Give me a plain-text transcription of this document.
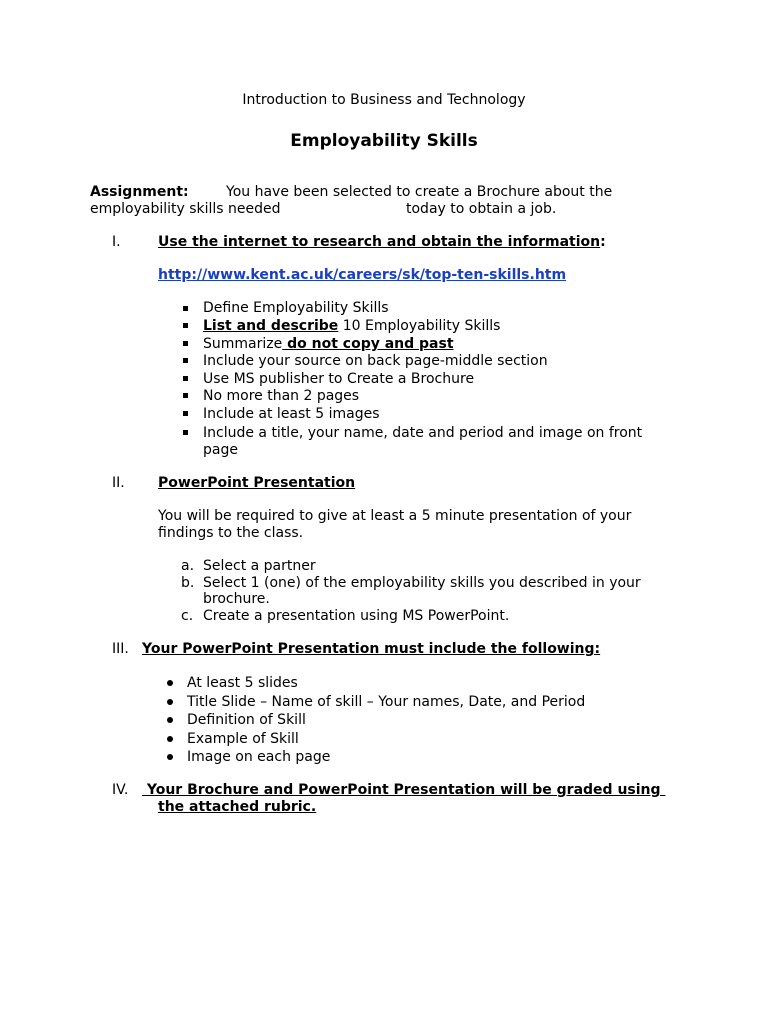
Introduction to Business and Technology
Employability Skills
Assignment:	You have been selected to create a Brochure about the
employability skills needed	today to obtain a job.
I.	Use the internet to research and obtain the information:
http://www.kent.ac.uk/careers/sk/top-ten-skills.htm
Define Employability Skills
List and describe 10 Employability Skills
Summarize do not copy and past
Include your source on back page-middle section
Use MS publisher to Create a Brochure
No more than 2 pages
Include at least 5 images
Include a title, your name, date and period and image on front
page
II. PowerPoint Presentation
You will be required to give at least a 5 minute presentation of your
findings to the class.
a. Select a partner
b. Select 1 (one) of the employability skills you described in your
brochure.
c. Create a presentation using MS PowerPoint.
III. Your PowerPoint Presentation must include the following:
At least 5 slides
Title Slide – Name of skill – Your names, Date, and Period
Definition of Skill
Example of Skill
Image on each page
IV. Your Brochure and PowerPoint Presentation will be graded using
the attached rubric.
